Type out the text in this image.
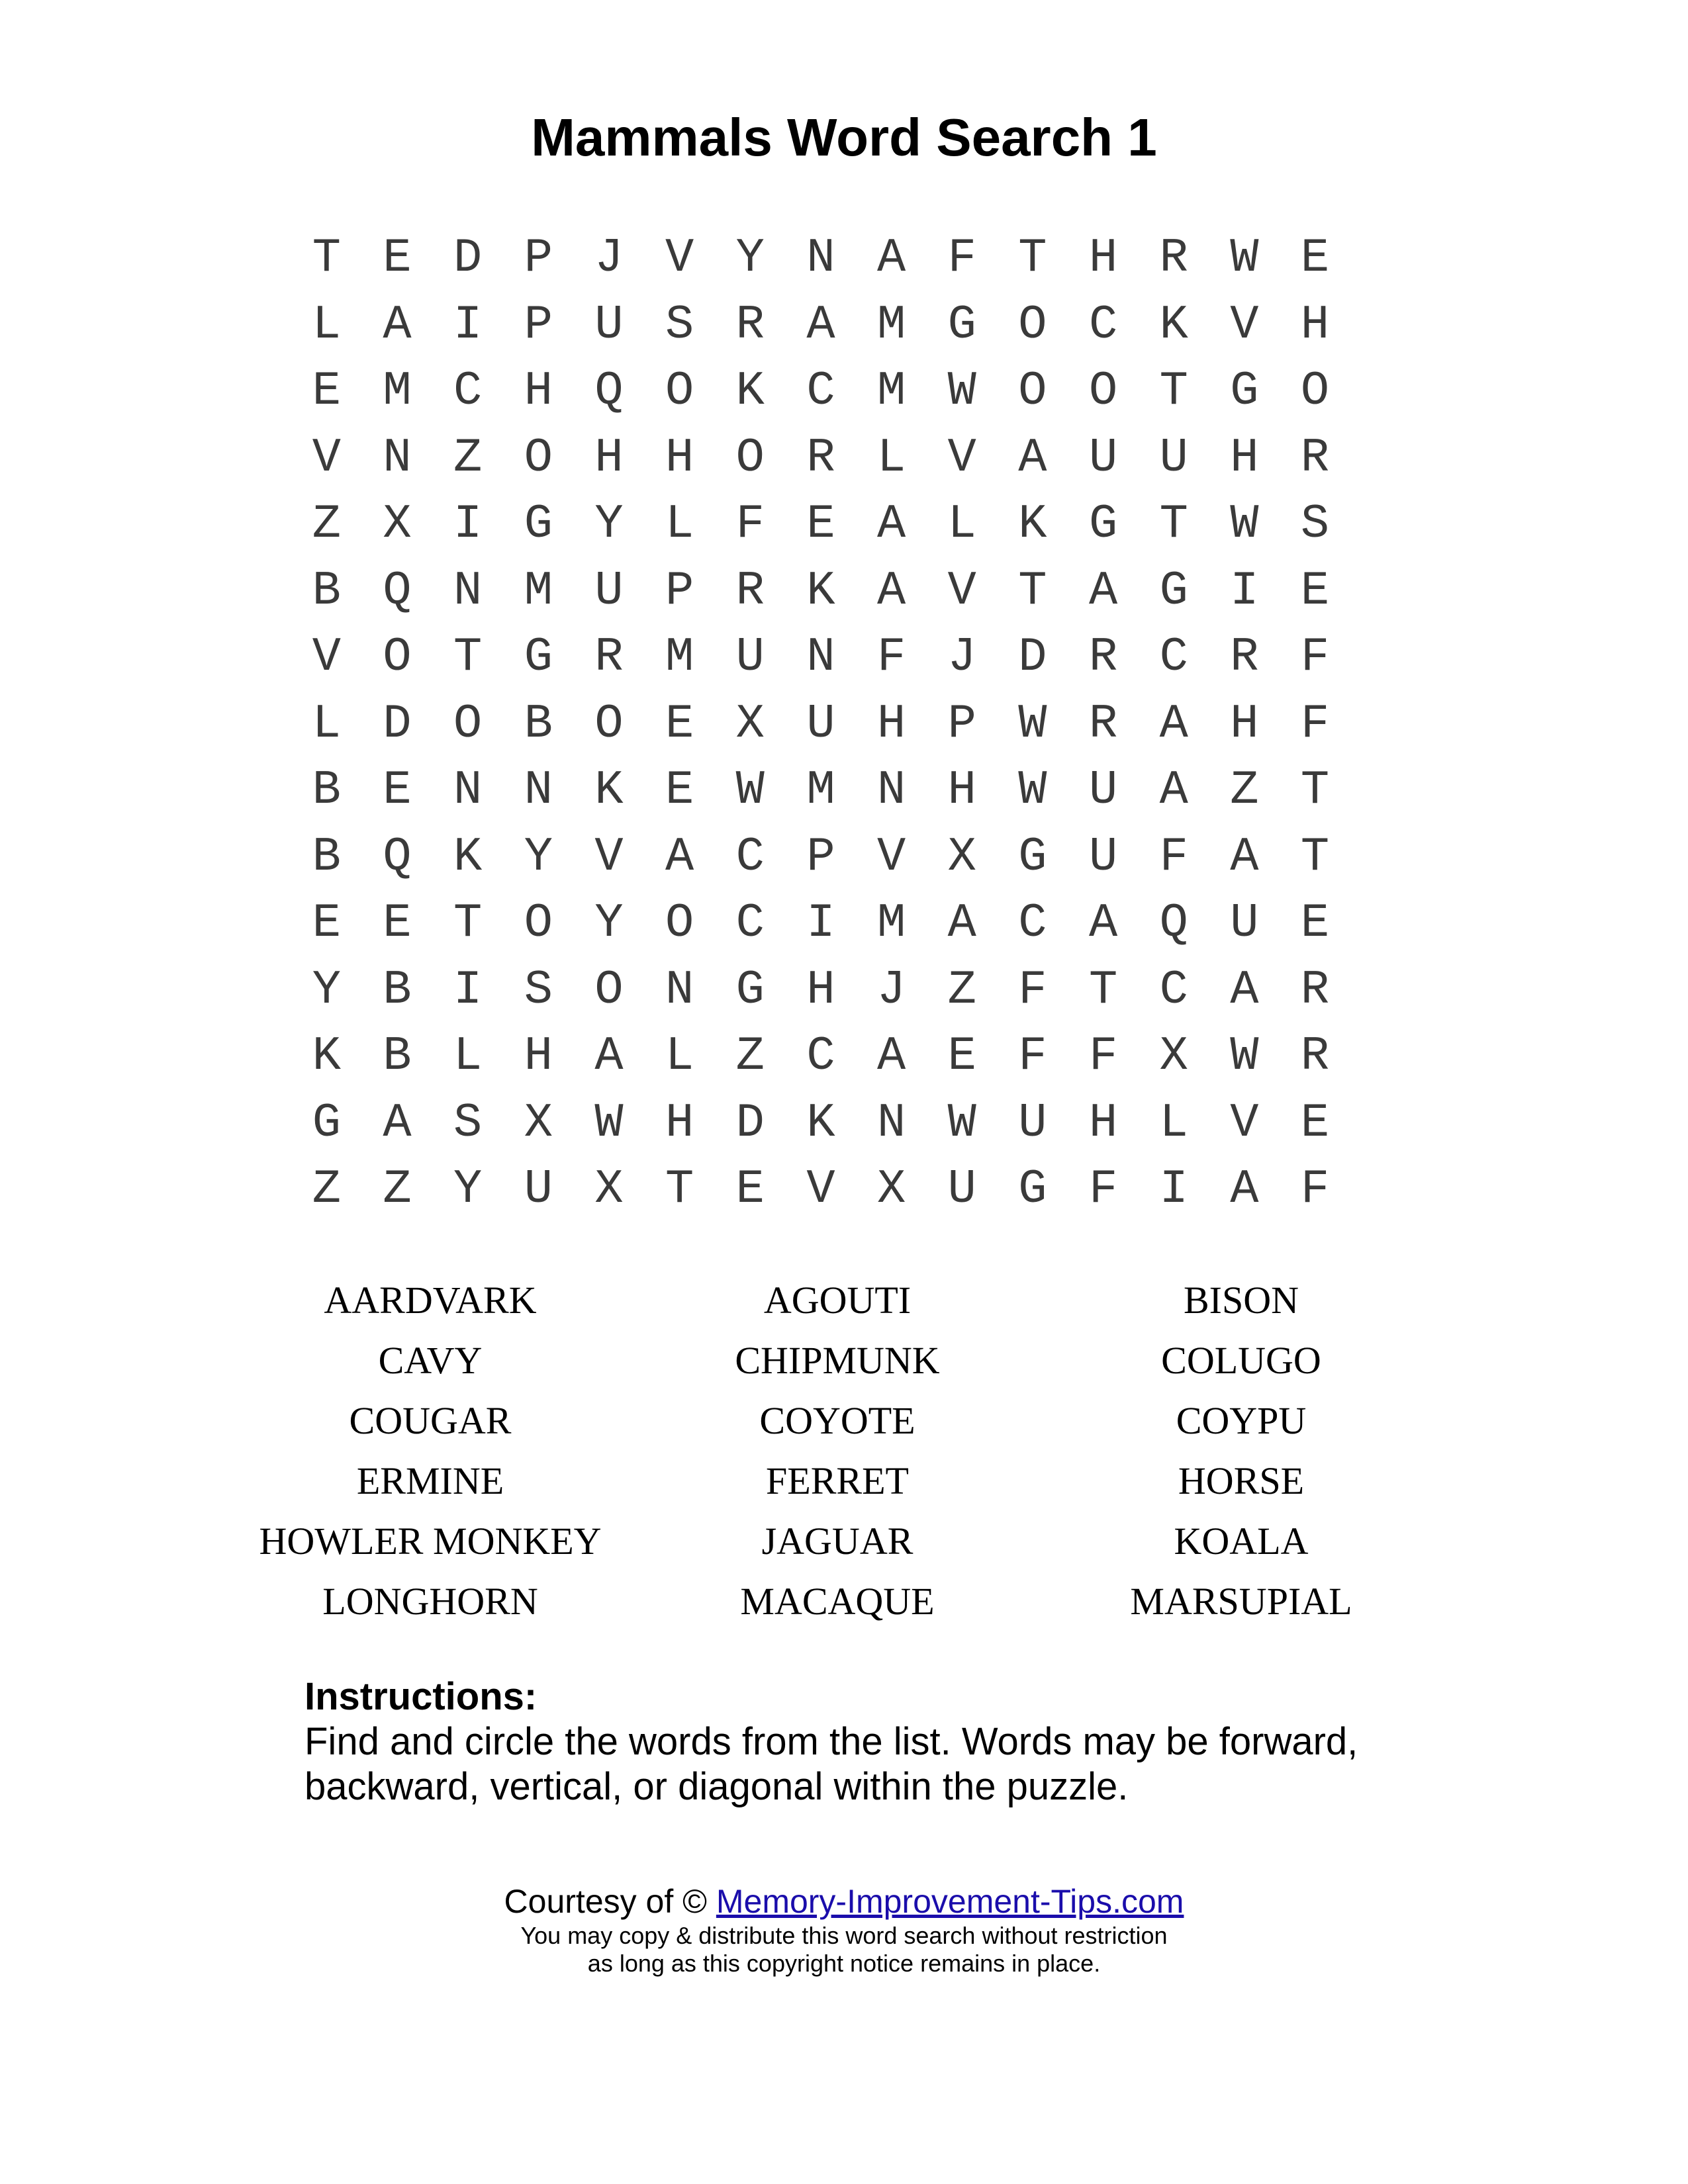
Mammals Word Search 1
T E D P J V Y N A F T H R W E
L A I P U S R A M G O C K V H
E M C H Q O K C M W O O T G O
V N Z O H H O R L V A U U H R
Z X I G Y L F E A L K G T W S
B Q N M U P R K A V T A G I E
V O T G R M U N F J D R C R F
L D O B O E X U H P W R A H F
B E N N K E W M N H W U A Z T
B Q K Y V A C P V X G U F A T
E E T O Y O C I M A C A Q U E
Y B I S O N G H J Z F T C A R
K B L H A L Z C A E F F X W R
G A S X W H D K N W U H L V E
Z Z Y U X T E V X U G F I A F
AARDVARK	AGOUTI	BISON
CAVY	CHIPMUNK	COLUGO
COUGAR	COYOTE	COYPU
ERMINE	FERRET	HORSE
HOWLER MONKEY	JAGUAR	KOALA
LONGHORN	MACAQUE	MARSUPIAL
Instructions:
Find and circle the words from the list. Words may be forward, backward, vertical, or diagonal within the puzzle.
Courtesy of © Memory-Improvement-Tips.com
You may copy & distribute this word search without restriction
as long as this copyright notice remains in place.
